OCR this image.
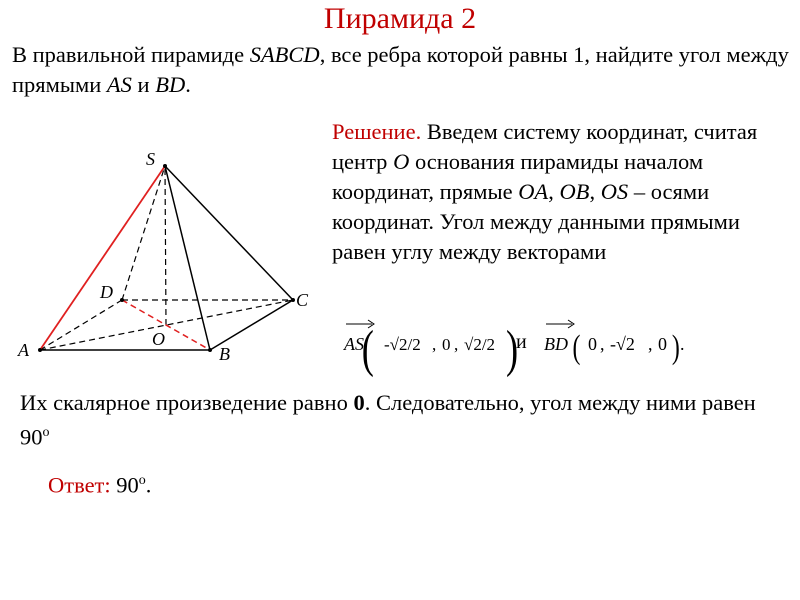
Пирамида 2
В правильной пирамиде SABCD, все ребра которой равны 1, найдите угол между прямыми AS и BD.
S
A	B
C
D
O
Решение. Введем систему координат, считая центр O основания пирамиды началом координат, прямые OA, OB, OS – осями координат. Угол между данными прямыми равен углу между векторами
AS
( -√2/2 , 0 , √2/2 )
и BD ( 0 , -√2 , 0 ) .
Их скалярное произведение равно 0. Следовательно, угол между ними равен 90$^o$
Ответ: 90$^o$.
